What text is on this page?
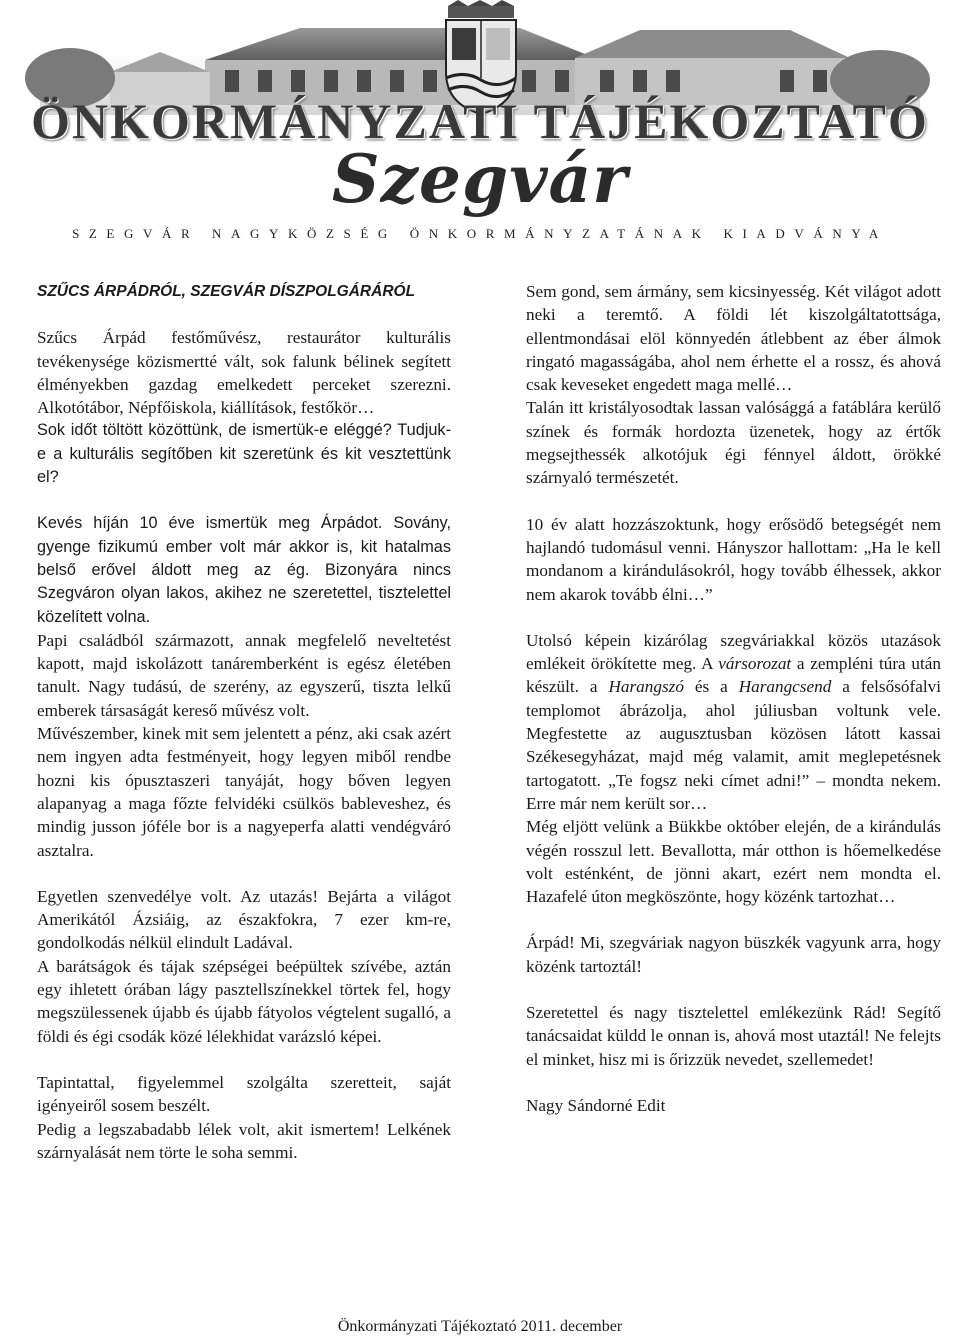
ÖNKORMÁNYZATI TÁJÉKOZTATÓ
Szegvár
SZEGVÁR NAGYKÖZSÉG ÖNKORMÁNYZATÁNAK KIADVÁNYA

SZŰCS ÁRPÁDRÓL, SZEGVÁR DÍSZPOLGÁRÁRÓL

Szűcs Árpád festőművész, restaurátor kulturális tevékenysége közismertté vált, sok falunk bélinek segített élményekben gazdag emelkedett perceket szerezni. Alkotótábor, Népfőiskola, kiállítások, festőkör…

Sok időt töltött közöttünk, de ismertük-e eléggé? Tudjuk-e a kulturális segítőben kit szeretünk és kit vesztettünk el?

Kevés híján 10 éve ismertük meg Árpádot. Sovány, gyenge fizikumú ember volt már akkor is, kit hatalmas belső erővel áldott meg az ég. Bizonyára nincs Szegváron olyan lakos, akihez ne szeretettel, tisztelettel közelített volna.

Papi családból származott, annak megfelelő neveltetést kapott, majd iskolázott tanáremberként is egész életében tanult. Nagy tudású, de szerény, az egyszerű, tiszta lelkű emberek társaságát kereső művész volt.

Művészember, kinek mit sem jelentett a pénz, aki csak azért nem ingyen adta festményeit, hogy legyen miből rendbe hozni kis ópusztaszeri tanyáját, hogy bőven legyen alapanyag a maga főzte felvidéki csülkös bableveshez, és mindig jusson jóféle bor is a nagyeperfa alatti vendégváró asztalra.

Egyetlen szenvedélye volt. Az utazás! Bejárta a világot Amerikától Ázsiáig, az északfokra, 7 ezer km-re, gondolkodás nélkül elindult Ladával.

A barátságok és tájak szépségei beépültek szívébe, aztán egy ihletett órában lágy pasztellszínekkel törtek fel, hogy megszülessenek újabb és újabb fátyolos végtelent sugalló, a földi és égi csodák közé lélekhidat varázsló képei.

Tapintattal, figyelemmel szolgálta szeretteit, saját igényeiről sosem beszélt.

Pedig a legszabadabb lélek volt, akit ismertem! Lelkének szárnyalását nem törte le soha semmi.

Sem gond, sem ármány, sem kicsinyesség. Két világot adott neki a teremtő. A földi lét kiszolgáltatottsága, ellentmondásai elöl könnyedén átlebbent az éber álmok ringató magasságába, ahol nem érhette el a rossz, és ahová csak keveseket engedett maga mellé…

Talán itt kristályosodtak lassan valósággá a fatáblára kerülő színek és formák hordozta üzenetek, hogy az értők megsejthessék alkotójuk égi fénnyel áldott, örökké szárnyaló természetét.

10 év alatt hozzászoktunk, hogy erősödő betegségét nem hajlandó tudomásul venni. Hányszor hallottam: „Ha le kell mondanom a kirándulásokról, hogy tovább élhessek, akkor nem akarok tovább élni…”

Utolsó képein kizárólag szegváriakkal közös utazások emlékeit örökítette meg. A vársorozat a zempléni túra után készült. a Harangszó és a Harangcsend a felsősófalvi templomot ábrázolja, ahol júliusban voltunk vele. Megfestette az augusztusban közösen látott kassai Székesegyházat, majd még valamit, amit meglepetésnek tartogatott. „Te fogsz neki címet adni!” – mondta nekem. Erre már nem került sor…

Még eljött velünk a Bükkbe október elején, de a kirándulás végén rosszul lett. Bevallotta, már otthon is hőemelkedése volt esténként, de jönni akart, ezért nem mondta el. Hazafelé úton megköszönte, hogy közénk tartozhat…

Árpád! Mi, szegváriak nagyon büszkék vagyunk arra, hogy közénk tartoztál!

Szeretettel és nagy tisztelettel emlékezünk Rád! Segítő tanácsaidat küldd le onnan is, ahová most utaztál! Ne felejts el minket, hisz mi is őrizzük nevedet, szellemedet!

Nagy Sándorné Edit

Önkormányzati Tájékoztató 2011. december
